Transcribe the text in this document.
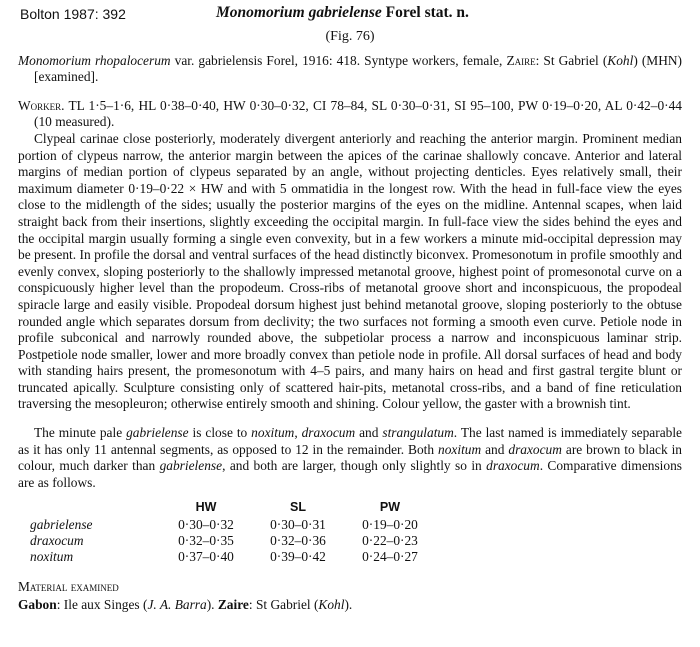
Bolton 1987: 392	Monomorium gabrielense Forel stat. n.
(Fig. 76)

Monomorium rhopalocerum var. gabrielensis Forel, 1916: 418. Syntype workers, female, Zaire: St Gabriel (Kohl) (MHN) [examined].

Worker. TL 1·5–1·6, HL 0·38–0·40, HW 0·30–0·32, CI 78–84, SL 0·30–0·31, SI 95–100, PW 0·19–0·20, AL 0·42–0·44 (10 measured).

Clypeal carinae close posteriorly, moderately divergent anteriorly and reaching the anterior margin. Prominent median portion of clypeus narrow, the anterior margin between the apices of the carinae shallowly concave. Anterior and lateral margins of median portion of clypeus separated by an angle, without projecting denticles. Eyes relatively small, their maximum diameter 0·19–0·22 × HW and with 5 ommatidia in the longest row. With the head in full-face view the eyes close to the midlength of the sides; usually the posterior margins of the eyes on the midline. Antennal scapes, when laid straight back from their insertions, slightly exceeding the occipital margin. In full-face view the sides behind the eyes and the occipital margin usually forming a single even convexity, but in a few workers a minute mid-occipital depression may be present. In profile the dorsal and ventral surfaces of the head distinctly biconvex. Promesonotum in profile smoothly and evenly convex, sloping posteriorly to the shallowly impressed metanotal groove, highest point of promesonotal curve on a conspicuously higher level than the propodeum. Cross-ribs of metanotal groove short and inconspicuous, the propodeal spiracle large and easily visible. Propodeal dorsum highest just behind metanotal groove, sloping posteriorly to the obtuse rounded angle which separates dorsum from declivity; the two surfaces not forming a smooth even curve. Petiole node in profile subconical and narrowly rounded above, the subpetiolar process a narrow and inconspicuous laminar strip. Postpetiole node smaller, lower and more broadly convex than petiole node in profile. All dorsal surfaces of head and body with standing hairs present, the promesonotum with 4–5 pairs, and many hairs on head and first gastral tergite blunt or truncated apically. Sculpture consisting only of scattered hair-pits, metanotal cross-ribs, and a band of fine reticulation traversing the mesopleuron; otherwise entirely smooth and shining. Colour yellow, the gaster with a brownish tint.

The minute pale gabrielense is close to noxitum, draxocum and strangulatum. The last named is immediately separable as it has only 11 antennal segments, as opposed to 12 in the remainder. Both noxitum and draxocum are brown to black in colour, much darker than gabrielense, and both are larger, though only slightly so in draxocum. Comparative dimensions are as follows.

	HW	SL	PW
gabrielense	0·30–0·32	0·30–0·31	0·19–0·20
draxocum	0·32–0·35	0·32–0·36	0·22–0·23
noxitum	0·37–0·40	0·39–0·42	0·24–0·27
Material examined

Gabon: Ile aux Singes (J. A. Barra). Zaire: St Gabriel (Kohl).
